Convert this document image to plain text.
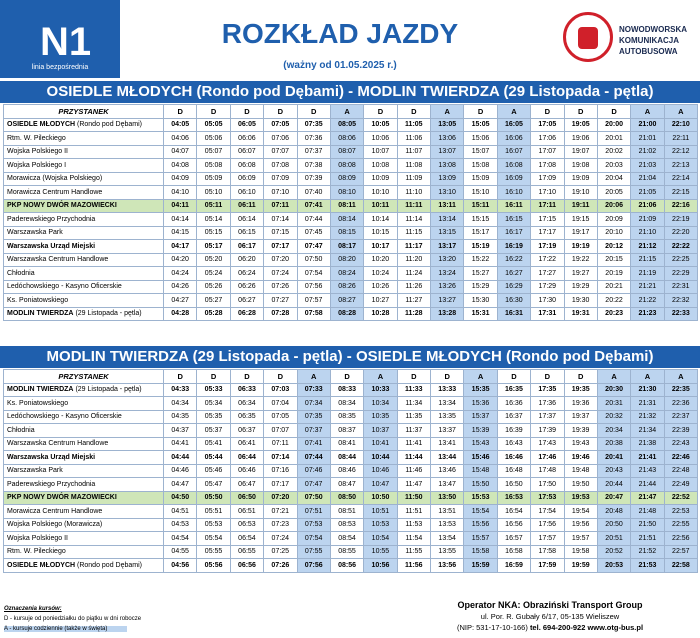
N1
linia bezpośrednia
ROZKŁAD JAZDY
(ważny od 01.05.2025 r.)
NOWODWORSKA
KOMUNIKACJA
AUTOBUSOWA
OSIEDLE MŁODYCH (Rondo pod Dębami) - MODLIN TWIERDZA (29 Listopada - pętla)
PRZYSTANEK	D	D	D	D	D	A	D	D	A	D	A	D	D	D	A	A
OSIEDLE MŁODYCH (Rondo pod Dębami)	04:05	05:05	06:05	07:05	07:35	08:05	10:05	11:05	13:05	15:05	16:05	17:05	19:05	20:00	21:00	22:10
Rtm. W. Pileckiego	04:06	05:06	06:06	07:06	07:36	08:06	10:06	11:06	13:06	15:06	16:06	17:06	19:06	20:01	21:01	22:11
Wojska Polskiego II	04:07	05:07	06:07	07:07	07:37	08:07	10:07	11:07	13:07	15:07	16:07	17:07	19:07	20:02	21:02	22:12
Wojska Polskiego I	04:08	05:08	06:08	07:08	07:38	08:08	10:08	11:08	13:08	15:08	16:08	17:08	19:08	20:03	21:03	22:13
Morawicza (Wojska Polskiego)	04:09	05:09	06:09	07:09	07:39	08:09	10:09	11:09	13:09	15:09	16:09	17:09	19:09	20:04	21:04	22:14
Morawicza Centrum Handlowe	04:10	05:10	06:10	07:10	07:40	08:10	10:10	11:10	13:10	15:10	16:10	17:10	19:10	20:05	21:05	22:15
PKP NOWY DWÓR MAZOWIECKI	04:11	05:11	06:11	07:11	07:41	08:11	10:11	11:11	13:11	15:11	16:11	17:11	19:11	20:06	21:06	22:16
Paderewskiego Przychodnia	04:14	05:14	06:14	07:14	07:44	08:14	10:14	11:14	13:14	15:15	16:15	17:15	19:15	20:09	21:09	22:19
Warszawska Park	04:15	05:15	06:15	07:15	07:45	08:15	10:15	11:15	13:15	15:17	16:17	17:17	19:17	20:10	21:10	22:20
Warszawska Urząd Miejski	04:17	05:17	06:17	07:17	07:47	08:17	10:17	11:17	13:17	15:19	16:19	17:19	19:19	20:12	21:12	22:22
Warszawska Centrum Handlowe	04:20	05:20	06:20	07:20	07:50	08:20	10:20	11:20	13:20	15:22	16:22	17:22	19:22	20:15	21:15	22:25
Chłodnia	04:24	05:24	06:24	07:24	07:54	08:24	10:24	11:24	13:24	15:27	16:27	17:27	19:27	20:19	21:19	22:29
Ledóchowskiego - Kasyno Oficerskie	04:26	05:26	06:26	07:26	07:56	08:26	10:26	11:26	13:26	15:29	16:29	17:29	19:29	20:21	21:21	22:31
Ks. Poniatowskiego	04:27	05:27	06:27	07:27	07:57	08:27	10:27	11:27	13:27	15:30	16:30	17:30	19:30	20:22	21:22	22:32
MODLIN TWIERDZA (29 Listopada - pętla)	04:28	05:28	06:28	07:28	07:58	08:28	10:28	11:28	13:28	15:31	16:31	17:31	19:31	20:23	21:23	22:33
MODLIN TWIERDZA (29 Listopada - pętla) - OSIEDLE MŁODYCH (Rondo pod Dębami)
PRZYSTANEK	D	D	D	D	A	D	A	D	D	A	D	D	D	A	A	A
MODLIN TWIERDZA (29 Listopada - pętla)	04:33	05:33	06:33	07:03	07:33	08:33	10:33	11:33	13:33	15:35	16:35	17:35	19:35	20:30	21:30	22:35
Ks. Poniatowskiego	04:34	05:34	06:34	07:04	07:34	08:34	10:34	11:34	13:34	15:36	16:36	17:36	19:36	20:31	21:31	22:36
Ledóchowskiego - Kasyno Oficerskie	04:35	05:35	06:35	07:05	07:35	08:35	10:35	11:35	13:35	15:37	16:37	17:37	19:37	20:32	21:32	22:37
Chłodnia	04:37	05:37	06:37	07:07	07:37	08:37	10:37	11:37	13:37	15:39	16:39	17:39	19:39	20:34	21:34	22:39
Warszawska Centrum Handlowe	04:41	05:41	06:41	07:11	07:41	08:41	10:41	11:41	13:41	15:43	16:43	17:43	19:43	20:38	21:38	22:43
Warszawska Urząd Miejski	04:44	05:44	06:44	07:14	07:44	08:44	10:44	11:44	13:44	15:46	16:46	17:46	19:46	20:41	21:41	22:46
Warszawska Park	04:46	05:46	06:46	07:16	07:46	08:46	10:46	11:46	13:46	15:48	16:48	17:48	19:48	20:43	21:43	22:48
Paderewskiego Przychodnia	04:47	05:47	06:47	07:17	07:47	08:47	10:47	11:47	13:47	15:50	16:50	17:50	19:50	20:44	21:44	22:49
PKP NOWY DWÓR MAZOWIECKI	04:50	05:50	06:50	07:20	07:50	08:50	10:50	11:50	13:50	15:53	16:53	17:53	19:53	20:47	21:47	22:52
Morawicza Centrum Handlowe	04:51	05:51	06:51	07:21	07:51	08:51	10:51	11:51	13:51	15:54	16:54	17:54	19:54	20:48	21:48	22:53
Wojska Polskiego (Morawicza)	04:53	05:53	06:53	07:23	07:53	08:53	10:53	11:53	13:53	15:56	16:56	17:56	19:56	20:50	21:50	22:55
Wojska Polskiego II	04:54	05:54	06:54	07:24	07:54	08:54	10:54	11:54	13:54	15:57	16:57	17:57	19:57	20:51	21:51	22:56
Rtm. W. Pileckiego	04:55	05:55	06:55	07:25	07:55	08:55	10:55	11:55	13:55	15:58	16:58	17:58	19:58	20:52	21:52	22:57
OSIEDLE MŁODYCH (Rondo pod Dębami)	04:56	05:56	06:56	07:26	07:56	08:56	10:56	11:56	13:56	15:59	16:59	17:59	19:59	20:53	21:53	22:58
Oznaczenia kursów:
D - kursuje od poniedziałku do piątku w dni robocze
A - kursuje codziennie (także w święta)
Operator NKA: Obraziński Transport Group
ul. Por. R. Gubały 6/17, 05-135 Wieliszew
(NIP: 531-17-10-166) tel. 694-200-922 www.otg-bus.pl
